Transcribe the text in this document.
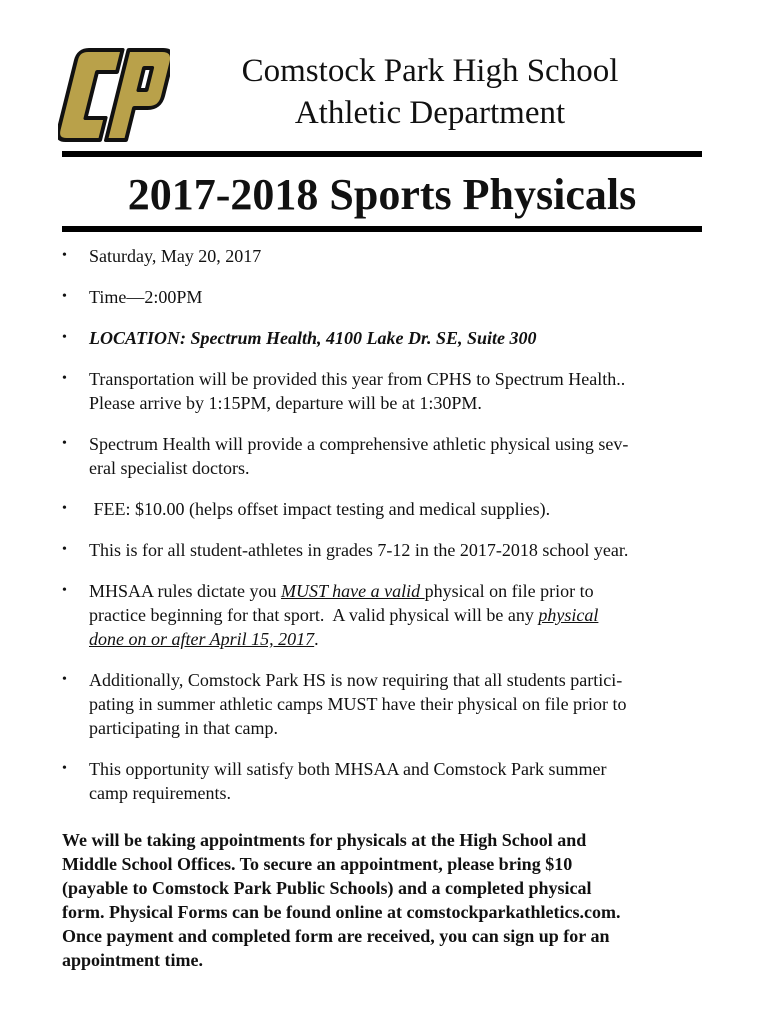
Comstock Park High School
Athletic Department
2017-2018 Sports Physicals
• Saturday, May 20, 2017
• Time—2:00PM
• LOCATION: Spectrum Health, 4100 Lake Dr. SE, Suite 300
• Transportation will be provided this year from CPHS to Spectrum Health..
Please arrive by 1:15PM, departure will be at 1:30PM.
• Spectrum Health will provide a comprehensive athletic physical using sev-
eral specialist doctors.
•  FEE: $10.00 (helps offset impact testing and medical supplies).
• This is for all student-athletes in grades 7-12 in the 2017-2018 school year.
• MHSAA rules dictate you MUST have a valid physical on file prior to
practice beginning for that sport.  A valid physical will be any physical
done on or after April 15, 2017.
• Additionally, Comstock Park HS is now requiring that all students partici-
pating in summer athletic camps MUST have their physical on file prior to
participating in that camp.
• This opportunity will satisfy both MHSAA and Comstock Park summer
camp requirements.
We will be taking appointments for physicals at the High School and
Middle School Offices. To secure an appointment, please bring $10
(payable to Comstock Park Public Schools) and a completed physical
form. Physical Forms can be found online at comstockparkathletics.com.
Once payment and completed form are received, you can sign up for an
appointment time.
